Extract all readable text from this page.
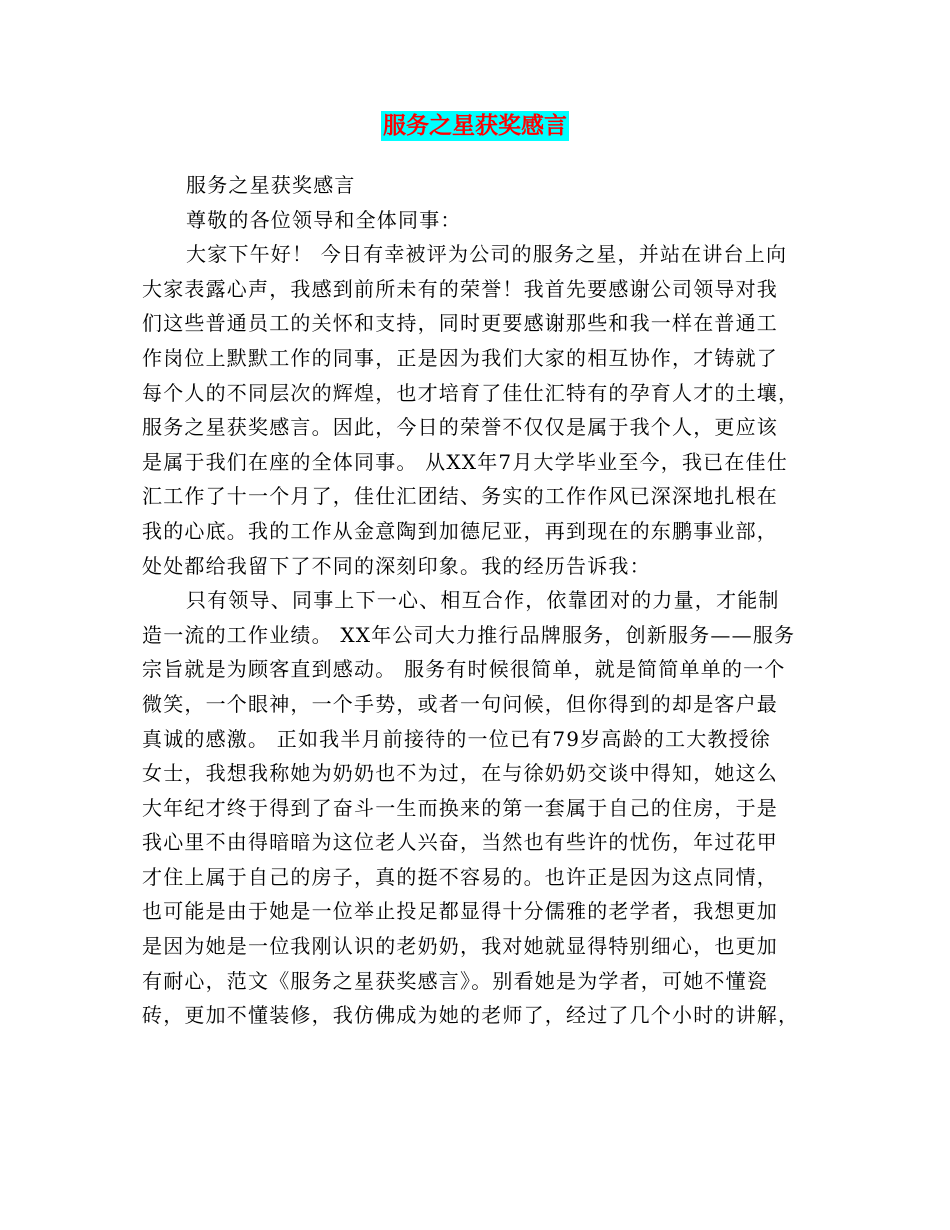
服务之星获奖感言
服务之星获奖感言
尊敬的各位领导和全体同事：
大家下午好！ 今日有幸被评为公司的服务之星，并站在讲台上向
大家表露心声，我感到前所未有的荣誉！我首先要感谢公司领导对我
们这些普通员工的关怀和支持，同时更要感谢那些和我一样在普通工
作岗位上默默工作的同事，正是因为我们大家的相互协作，才铸就了
每个人的不同层次的辉煌，也才培育了佳仕汇特有的孕育人才的土壤，
服务之星获奖感言。因此，今日的荣誉不仅仅是属于我个人，更应该
是属于我们在座的全体同事。 从XX年7月大学毕业至今，我已在佳仕
汇工作了十一个月了，佳仕汇团结、务实的工作作风已深深地扎根在
我的心底。我的工作从金意陶到加德尼亚，再到现在的东鹏事业部，
处处都给我留下了不同的深刻印象。我的经历告诉我：
只有领导、同事上下一心、相互合作，依靠团对的力量，才能制
造一流的工作业绩。 XX年公司大力推行品牌服务，创新服务——服务
宗旨就是为顾客直到感动。 服务有时候很简单，就是简简单单的一个
微笑，一个眼神，一个手势，或者一句问候，但你得到的却是客户最
真诚的感激。 正如我半月前接待的一位已有79岁高龄的工大教授徐
女士，我想我称她为奶奶也不为过，在与徐奶奶交谈中得知，她这么
大年纪才终于得到了奋斗一生而换来的第一套属于自己的住房，于是
我心里不由得暗暗为这位老人兴奋，当然也有些许的忧伤，年过花甲
才住上属于自己的房子，真的挺不容易的。也许正是因为这点同情，
也可能是由于她是一位举止投足都显得十分儒雅的老学者，我想更加
是因为她是一位我刚认识的老奶奶，我对她就显得特别细心，也更加
有耐心，范文《服务之星获奖感言》。别看她是为学者，可她不懂瓷
砖，更加不懂装修，我仿佛成为她的老师了，经过了几个小时的讲解，
